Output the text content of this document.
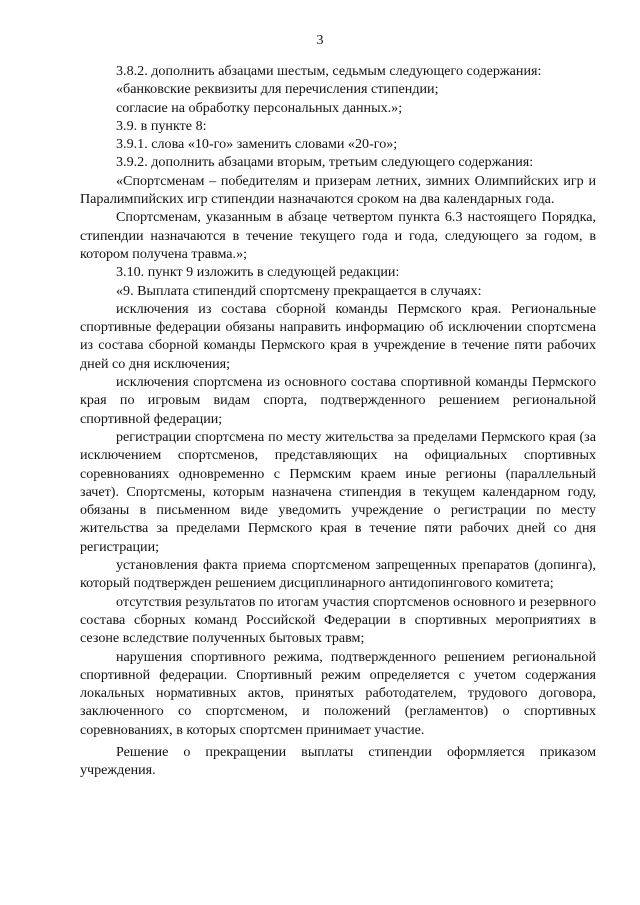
3

3.8.2. дополнить абзацами шестым, седьмым следующего содержания:

«банковские реквизиты для перечисления стипендии;

согласие на обработку персональных данных.»;

3.9. в пункте 8:

3.9.1. слова «10-го» заменить словами «20-го»;

3.9.2. дополнить абзацами вторым, третьим следующего содержания:

«Спортсменам – победителям и призерам летних, зимних Олимпийских игр и Паралимпийских игр стипендии назначаются сроком на два календарных года.

Спортсменам, указанным в абзаце четвертом пункта 6.3 настоящего Порядка, стипендии назначаются в течение текущего года и года, следующего за годом, в котором получена травма.»;

3.10. пункт 9 изложить в следующей редакции:

«9. Выплата стипендий спортсмену прекращается в случаях:

исключения из состава сборной команды Пермского края. Региональные спортивные федерации обязаны направить информацию об исключении спортсмена из состава сборной команды Пермского края в учреждение в течение пяти рабочих дней со дня исключения;

исключения спортсмена из основного состава спортивной команды Пермского края по игровым видам спорта, подтвержденного решением региональной спортивной федерации;

регистрации спортсмена по месту жительства за пределами Пермского края (за исключением спортсменов, представляющих на официальных спортивных соревнованиях одновременно с Пермским краем иные регионы (параллельный зачет). Спортсмены, которым назначена стипендия в текущем календарном году, обязаны в письменном виде уведомить учреждение о регистрации по месту жительства за пределами Пермского края в течение пяти рабочих дней со дня регистрации;

установления факта приема спортсменом запрещенных препаратов (допинга), который подтвержден решением дисциплинарного антидопингового комитета;

отсутствия результатов по итогам участия спортсменов основного и резервного состава сборных команд Российской Федерации в спортивных мероприятиях в сезоне вследствие полученных бытовых травм;

нарушения спортивного режима, подтвержденного решением региональной спортивной федерации. Спортивный режим определяется с учетом содержания локальных нормативных актов, принятых работодателем, трудового договора, заключенного со спортсменом, и положений (регламентов) о спортивных соревнованиях, в которых спортсмен принимает участие.

Решение о прекращении выплаты стипендии оформляется приказом учреждения.
